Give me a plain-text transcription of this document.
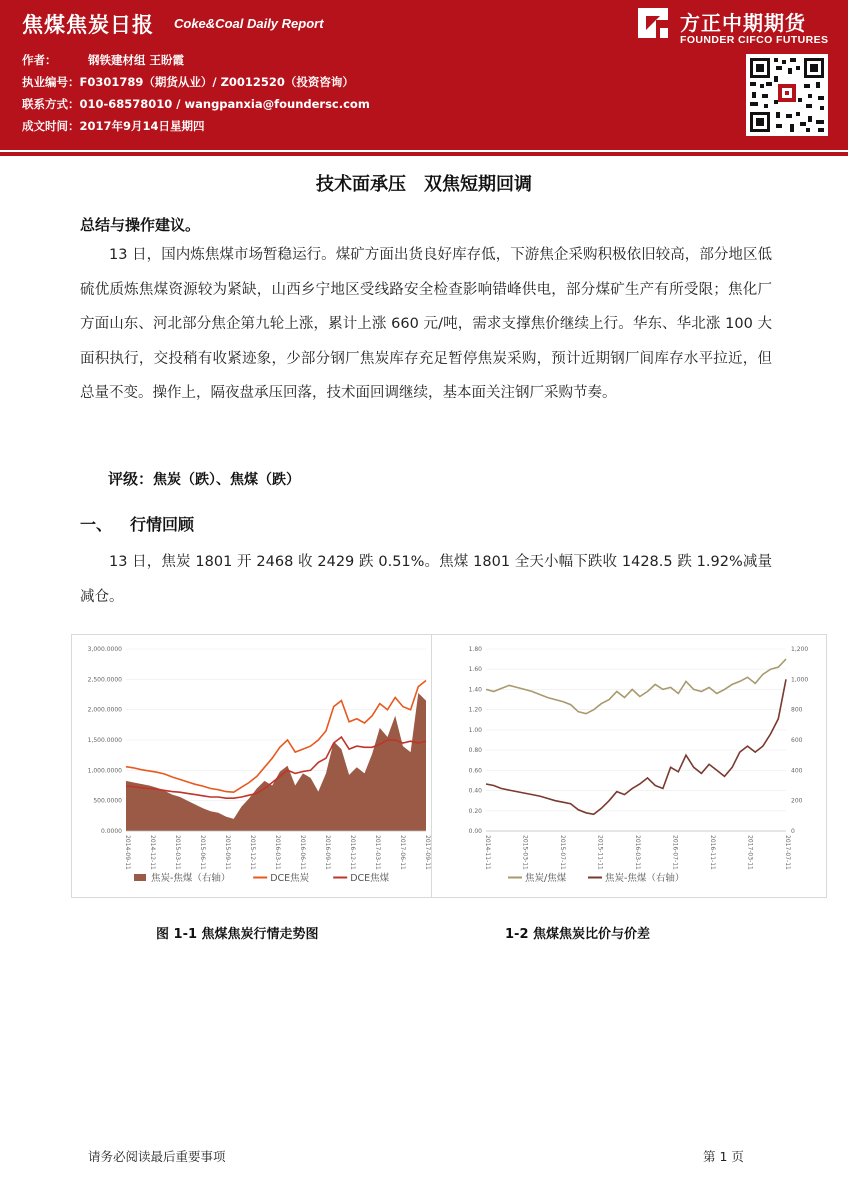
焦煤焦炭日报 Coke&Coal Daily Report
作者：	钢铁建材组 王盼霞
执业编号：F0301789（期货从业）/ Z0012520（投资咨询）
联系方式：010-68578010 / wangpanxia@foundersc.com
成文时间：2017年9月14日星期四
方正中期期货
FOUNDER CIFCO FUTURES
技术面承压　双焦短期回调
总结与操作建议。
13 日，国内炼焦煤市场暂稳运行。煤矿方面出货良好库存低，下游焦企采购积极依旧较高，部分地区低硫优质炼焦煤资源较为紧缺，山西乡宁地区受线路安全检查影响错峰供电，部分煤矿生产有所受限；焦化厂方面山东、河北部分焦企第九轮上涨，累计上涨 660 元/吨，需求支撑焦价继续上行。华东、华北涨 100 大面积执行，交投稍有收紧迹象，少部分钢厂焦炭库存充足暂停焦炭采购，预计近期钢厂间库存水平拉近，但总量不变。操作上，隔夜盘承压回落，技术面回调继续，基本面关注钢厂采购节奏。
评级：焦炭（跌）、焦煤（跌）
一、 行情回顾
13 日，焦炭 1801 开 2468 收 2429 跌 0.51%。焦煤 1801 全天小幅下跌收 1428.5 跌 1.92%减量减仓。
0.0000
500.0000
1,000.0000
1,500.0000
2,000.0000
2,500.0000
3,000.0000
2014-09-11	2014-12-11	2015-03-11	2015-06-11	2015-09-11	2015-12-11	2016-03-11	2016-06-11	2016-09-11	2016-12-11	2017-03-11	2017-06-11	2017-09-11
焦炭-焦煤（右轴）	DCE焦炭	DCE焦煤
0.00
0.20
0.40
0.60
0.80
1.00
1.20
1.40
1.60
1.80
0
200
400
600
800
1,000
1,200
2014-11-11	2015-03-11	2015-07-11	2015-11-11	2016-03-11	2016-07-11	2016-11-11	2017-03-11	2017-07-11
焦炭/焦煤	焦炭-焦煤（右轴）
图 1-1 焦煤焦炭行情走势图	1-2 焦煤焦炭比价与价差
请务必阅读最后重要事项	第 1 页
